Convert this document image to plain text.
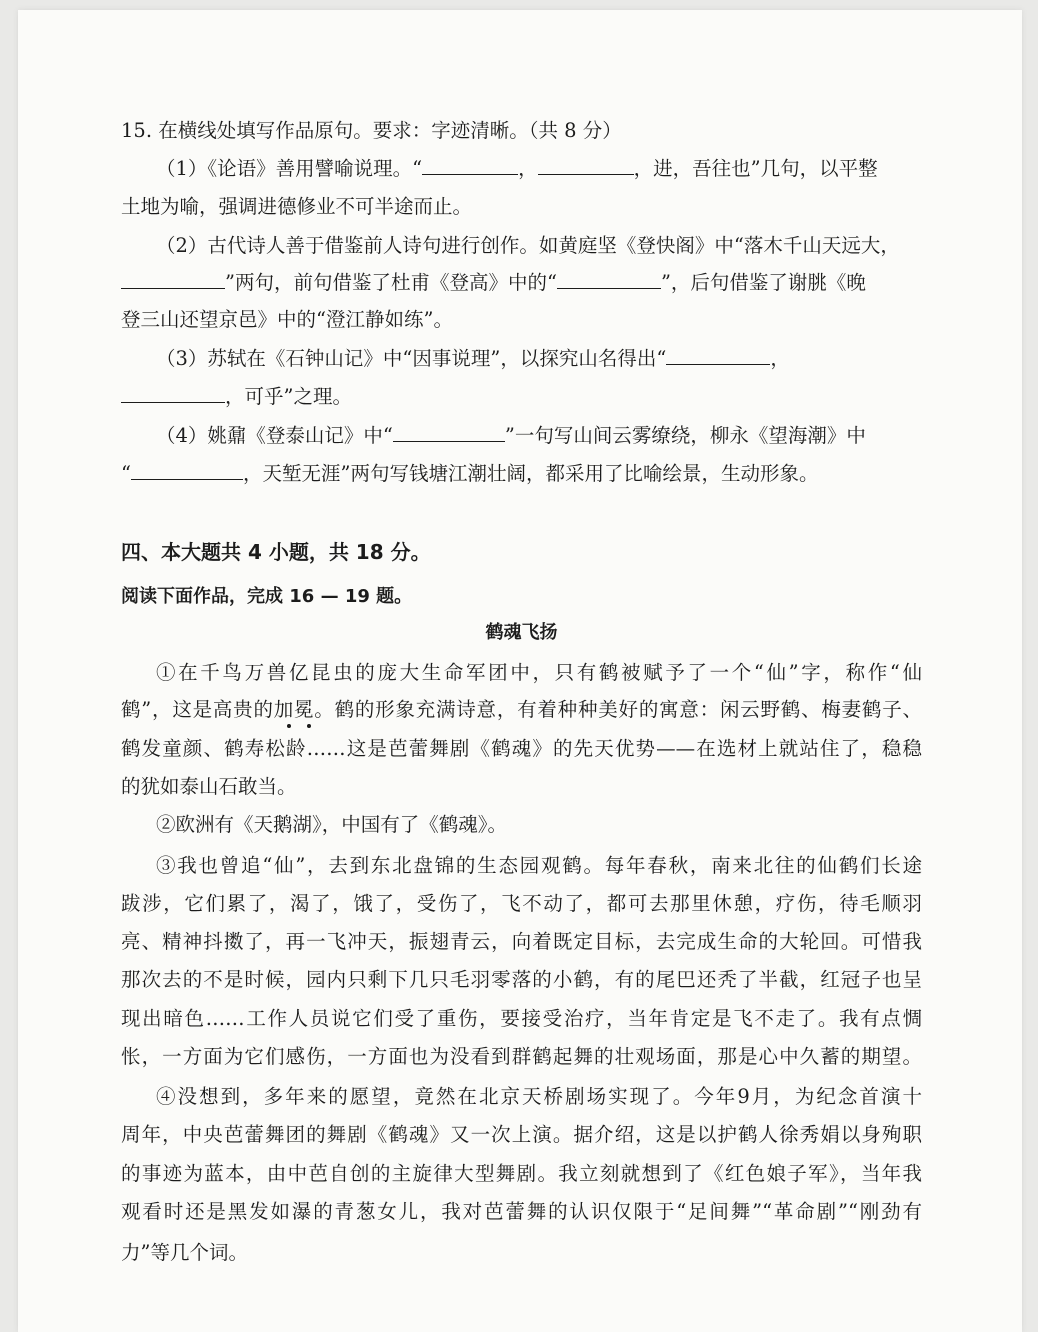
15. 在横线处填写作品原句。要求：字迹清晰。（共 8 分）
（1）《论语》善用譬喻说理。“	，	，进，吾往也”几句，以平整
土地为喻，强调进德修业不可半途而止。
（2）古代诗人善于借鉴前人诗句进行创作。如黄庭坚《登快阁》中“落木千山天远大，
”两句，前句借鉴了杜甫《登高》中的“	”，后句借鉴了谢朓《晚
登三山还望京邑》中的“澄江静如练”。
（3）苏轼在《石钟山记》中“因事说理”，以探究山名得出“	，
，可乎”之理。
（4）姚鼐《登泰山记》中“	”一句写山间云雾缭绕，柳永《望海潮》中
“	，天堑无涯”两句写钱塘江潮壮阔，都采用了比喻绘景，生动形象。
四、本大题共 4 小题，共 18 分。
阅读下面作品，完成 16 — 19 题。
鹤魂飞扬
①在千鸟万兽亿昆虫的庞大生命军团中，只有鹤被赋予了一个“仙”字，称作“仙
鹤”，这是高贵的加冕。鹤的形象充满诗意，有着种种美好的寓意：闲云野鹤、梅妻鹤子、
鹤发童颜、鹤寿松龄……这是芭蕾舞剧《鹤魂》的先天优势——在选材上就站住了，稳稳
的犹如泰山石敢当。
②欧洲有《天鹅湖》，中国有了《鹤魂》。
③我也曾追“仙”，去到东北盘锦的生态园观鹤。每年春秋，南来北往的仙鹤们长途
跋涉，它们累了，渴了，饿了，受伤了，飞不动了，都可去那里休憩，疗伤，待毛顺羽
亮、精神抖擞了，再一飞冲天，振翅青云，向着既定目标，去完成生命的大轮回。可惜我
那次去的不是时候，园内只剩下几只毛羽零落的小鹤，有的尾巴还秃了半截，红冠子也呈
现出暗色……工作人员说它们受了重伤，要接受治疗，当年肯定是飞不走了。我有点惆
怅，一方面为它们感伤，一方面也为没看到群鹤起舞的壮观场面，那是心中久蓄的期望。
④没想到，多年来的愿望，竟然在北京天桥剧场实现了。今年9月，为纪念首演十
周年，中央芭蕾舞团的舞剧《鹤魂》又一次上演。据介绍，这是以护鹤人徐秀娟以身殉职
的事迹为蓝本，由中芭自创的主旋律大型舞剧。我立刻就想到了《红色娘子军》，当年我
观看时还是黑发如瀑的青葱女儿，我对芭蕾舞的认识仅限于“足间舞”“革命剧”“刚劲有
力”等几个词。
